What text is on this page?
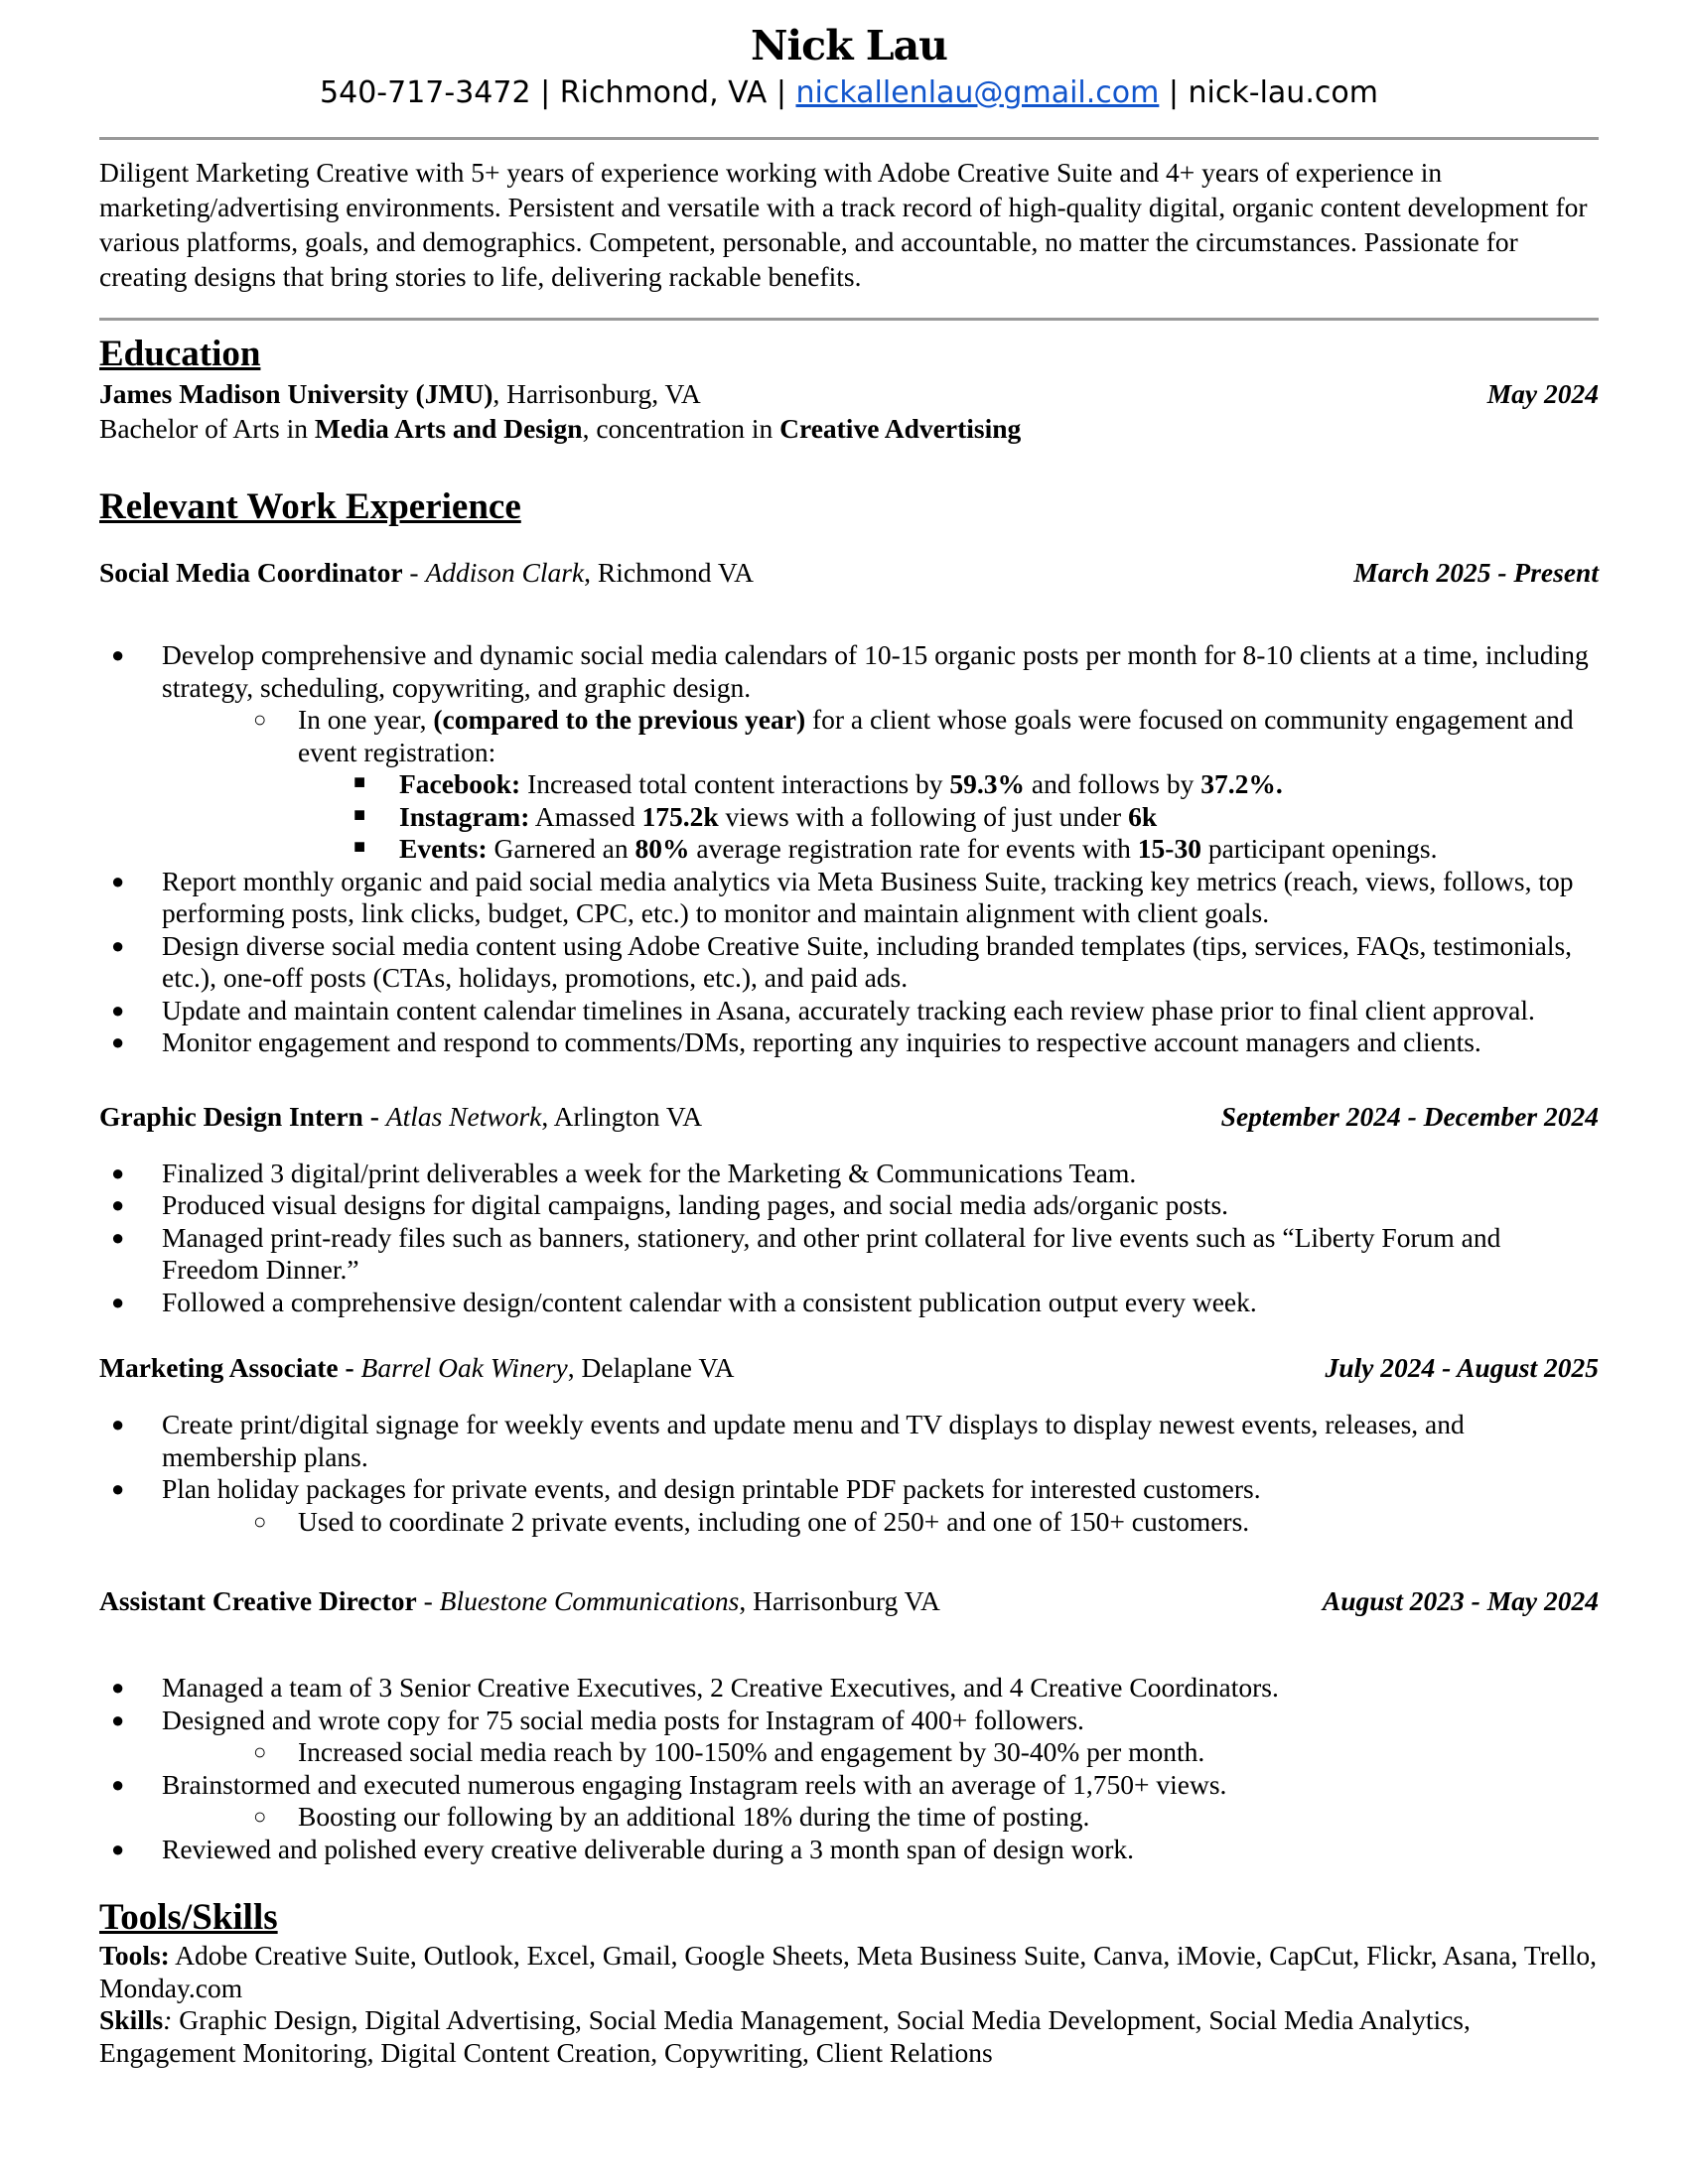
Nick Lau
540-717-3472 | Richmond, VA | nickallenlau@gmail.com | nick-lau.com
Diligent Marketing Creative with 5+ years of experience working with Adobe Creative Suite and 4+ years of experience in marketing/advertising environments. Persistent and versatile with a track record of high-quality digital, organic content development for various platforms, goals, and demographics. Competent, personable, and accountable, no matter the circumstances. Passionate for creating designs that bring stories to life, delivering rackable benefits.
Education
James Madison University (JMU), Harrisonburg, VA	May 2024
Bachelor of Arts in Media Arts and Design, concentration in Creative Advertising
Relevant Work Experience
Social Media Coordinator - Addison Clark, Richmond VA	March 2025 - Present
● Develop comprehensive and dynamic social media calendars of 10-15 organic posts per month for 8-10 clients at a time, including strategy, scheduling, copywriting, and graphic design.
○ In one year, (compared to the previous year) for a client whose goals were focused on community engagement and event registration:
■ Facebook: Increased total content interactions by 59.3% and follows by 37.2%.
■ Instagram: Amassed 175.2k views with a following of just under 6k
■ Events: Garnered an 80% average registration rate for events with 15-30 participant openings.
● Report monthly organic and paid social media analytics via Meta Business Suite, tracking key metrics (reach, views, follows, top performing posts, link clicks, budget, CPC, etc.) to monitor and maintain alignment with client goals.
● Design diverse social media content using Adobe Creative Suite, including branded templates (tips, services, FAQs, testimonials, etc.), one-off posts (CTAs, holidays, promotions, etc.), and paid ads.
● Update and maintain content calendar timelines in Asana, accurately tracking each review phase prior to final client approval.
● Monitor engagement and respond to comments/DMs, reporting any inquiries to respective account managers and clients.
Graphic Design Intern - Atlas Network, Arlington VA	September 2024 - December 2024
● Finalized 3 digital/print deliverables a week for the Marketing & Communications Team.
● Produced visual designs for digital campaigns, landing pages, and social media ads/organic posts.
● Managed print-ready files such as banners, stationery, and other print collateral for live events such as “Liberty Forum and Freedom Dinner.”
● Followed a comprehensive design/content calendar with a consistent publication output every week.
Marketing Associate - Barrel Oak Winery, Delaplane VA	July 2024 - August 2025
● Create print/digital signage for weekly events and update menu and TV displays to display newest events, releases, and membership plans.
● Plan holiday packages for private events, and design printable PDF packets for interested customers.
○ Used to coordinate 2 private events, including one of 250+ and one of 150+ customers.
Assistant Creative Director - Bluestone Communications, Harrisonburg VA	August 2023 - May 2024
● Managed a team of 3 Senior Creative Executives, 2 Creative Executives, and 4 Creative Coordinators.
● Designed and wrote copy for 75 social media posts for Instagram of 400+ followers.
○ Increased social media reach by 100-150% and engagement by 30-40% per month.
● Brainstormed and executed numerous engaging Instagram reels with an average of 1,750+ views.
○ Boosting our following by an additional 18% during the time of posting.
● Reviewed and polished every creative deliverable during a 3 month span of design work.
Tools/Skills
Tools: Adobe Creative Suite, Outlook, Excel, Gmail, Google Sheets, Meta Business Suite, Canva, iMovie, CapCut, Flickr, Asana, Trello, Monday.com
Skills: Graphic Design, Digital Advertising, Social Media Management, Social Media Development, Social Media Analytics, Engagement Monitoring, Digital Content Creation, Copywriting, Client Relations
